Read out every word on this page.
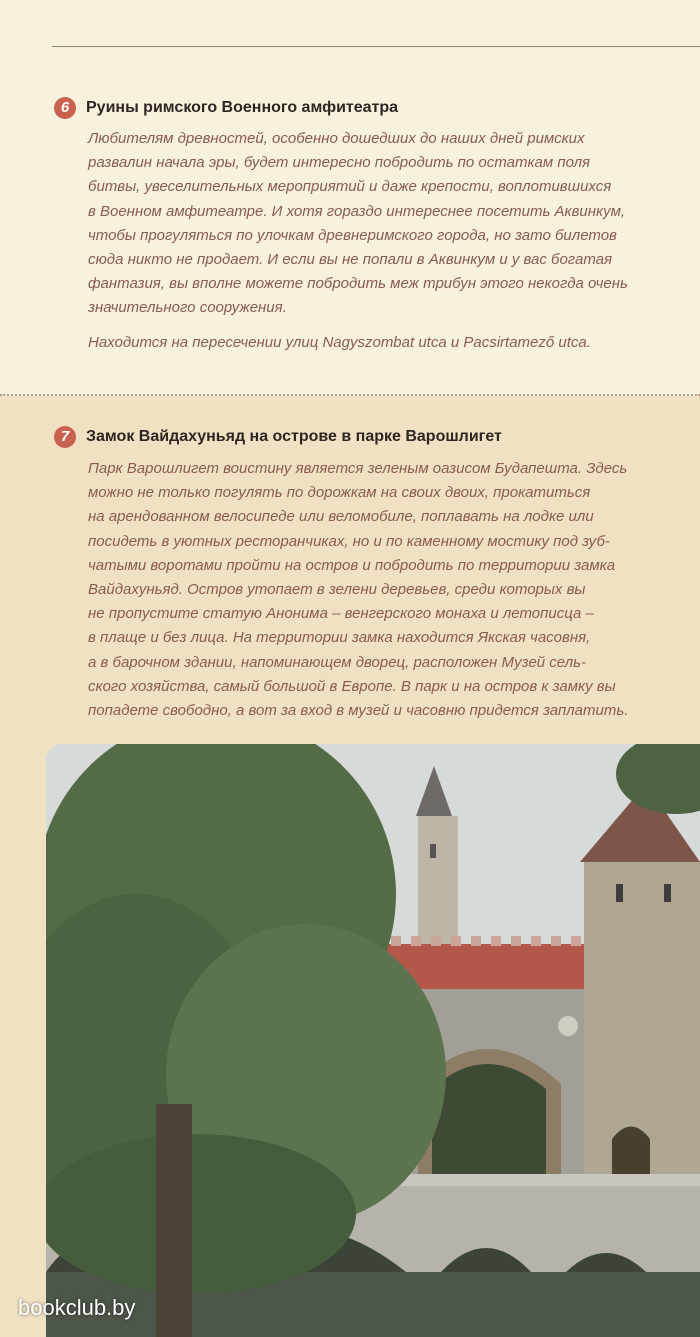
6	Руины римского Военного амфитеатра

Любителям древностей, особенно дошедших до наших дней римских
развалин начала эры, будет интересно побродить по остаткам поля
битвы, увеселительных мероприятий и даже крепости, воплотившихся
в Военном амфитеатре. И хотя гораздо интереснее посетить Аквинкум,
чтобы прогуляться по улочкам древнеримского города, но зато билетов
сюда никто не продает. И если вы не попали в Аквинкум и у вас богатая
фантазия, вы вполне можете побродить меж трибун этого некогда очень
значительного сооружения.

Находится на пересечении улиц Nagyszombat utca и Pacsirtamező utca.

7	Замок Вайдахуньяд на острове в парке Варошлигет

Парк Варошлигет воистину является зеленым оазисом Будапешта. Здесь
можно не только погулять по дорожкам на своих двоих, прокатиться
на арендованном велосипеде или веломобиле, поплавать на лодке или
посидеть в уютных ресторанчиках, но и по каменному мостику под зуб-
чатыми воротами пройти на остров и побродить по территории замка
Вайдахуньяд. Остров утопает в зелени деревьев, среди которых вы
не пропустите статую Анонима – венгерского монаха и летописца –
в плаще и без лица. На территории замка находится Якская часовня,
а в барочном здании, напоминающем дворец, расположен Музей сель-
ского хозяйства, самый большой в Европе. В парк и на остров к замку вы
попадете свободно, а вот за вход в музей и часовню придется заплатить.

bookclub.by
